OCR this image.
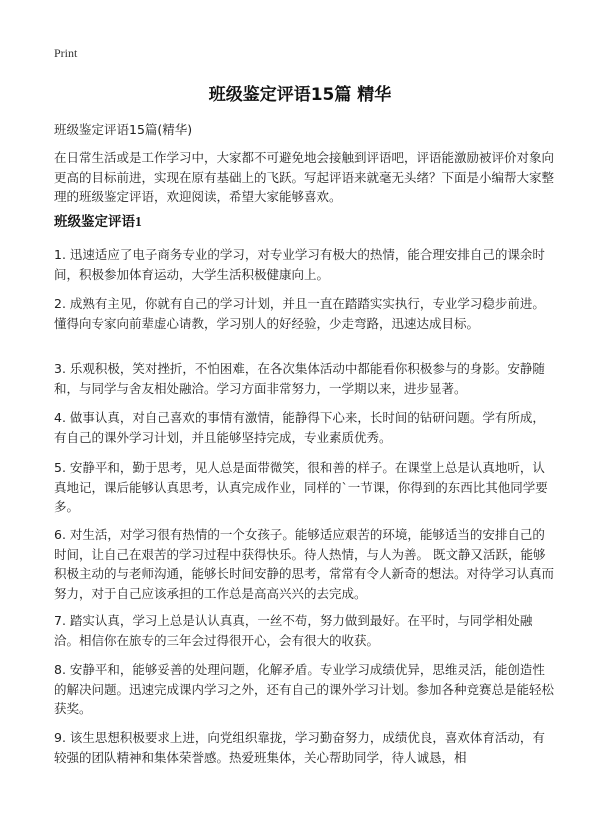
Print
班级鉴定评语15篇 精华
班级鉴定评语15篇(精华)

在日常生活或是工作学习中，大家都不可避免地会接触到评语吧，评语能激励被评价对象向更高的目标前进，实现在原有基础上的飞跃。写起评语来就毫无头绪？下面是小编帮大家整理的班级鉴定评语，欢迎阅读，希望大家能够喜欢。

班级鉴定评语1

1. 迅速适应了电子商务专业的学习，对专业学习有极大的热情，能合理安排自己的课余时间，积极参加体育运动，大学生活积极健康向上。

2. 成熟有主见，你就有自己的学习计划，并且一直在踏踏实实执行，专业学习稳步前进。懂得向专家向前辈虚心请教，学习别人的好经验，少走弯路，迅速达成目标。

3. 乐观积极，笑对挫折，不怕困难，在各次集体活动中都能看你积极参与的身影。安静随和，与同学与舍友相处融洽。学习方面非常努力，一学期以来，进步显著。

4. 做事认真，对自己喜欢的事情有激情，能静得下心来，长时间的钻研问题。学有所成，有自己的课外学习计划，并且能够坚持完成，专业素质优秀。

5. 安静平和，勤于思考，见人总是面带微笑，很和善的样子。在课堂上总是认真地听，认真地记，课后能够认真思考，认真完成作业，同样的`一节课，你得到的东西比其他同学要多。

6. 对生活，对学习很有热情的一个女孩子。能够适应艰苦的环境，能够适当的安排自己的时间，让自己在艰苦的学习过程中获得快乐。待人热情，与人为善。 既文静又活跃，能够积极主动的与老师沟通，能够长时间安静的思考，常常有令人新奇的想法。对待学习认真而努力，对于自己应该承担的工作总是高高兴兴的去完成。

7. 踏实认真，学习上总是认认真真，一丝不苟，努力做到最好。在平时，与同学相处融洽。相信你在旅专的三年会过得很开心，会有很大的收获。

8. 安静平和，能够妥善的处理问题，化解矛盾。专业学习成绩优异，思维灵活，能创造性的解决问题。迅速完成课内学习之外，还有自己的课外学习计划。参加各种竞赛总是能轻松获奖。

9. 该生思想积极要求上进，向党组织靠拢，学习勤奋努力，成绩优良，喜欢体育活动，有较强的团队精神和集体荣誉感。热爱班集体，关心帮助同学，待人诚恳，相
